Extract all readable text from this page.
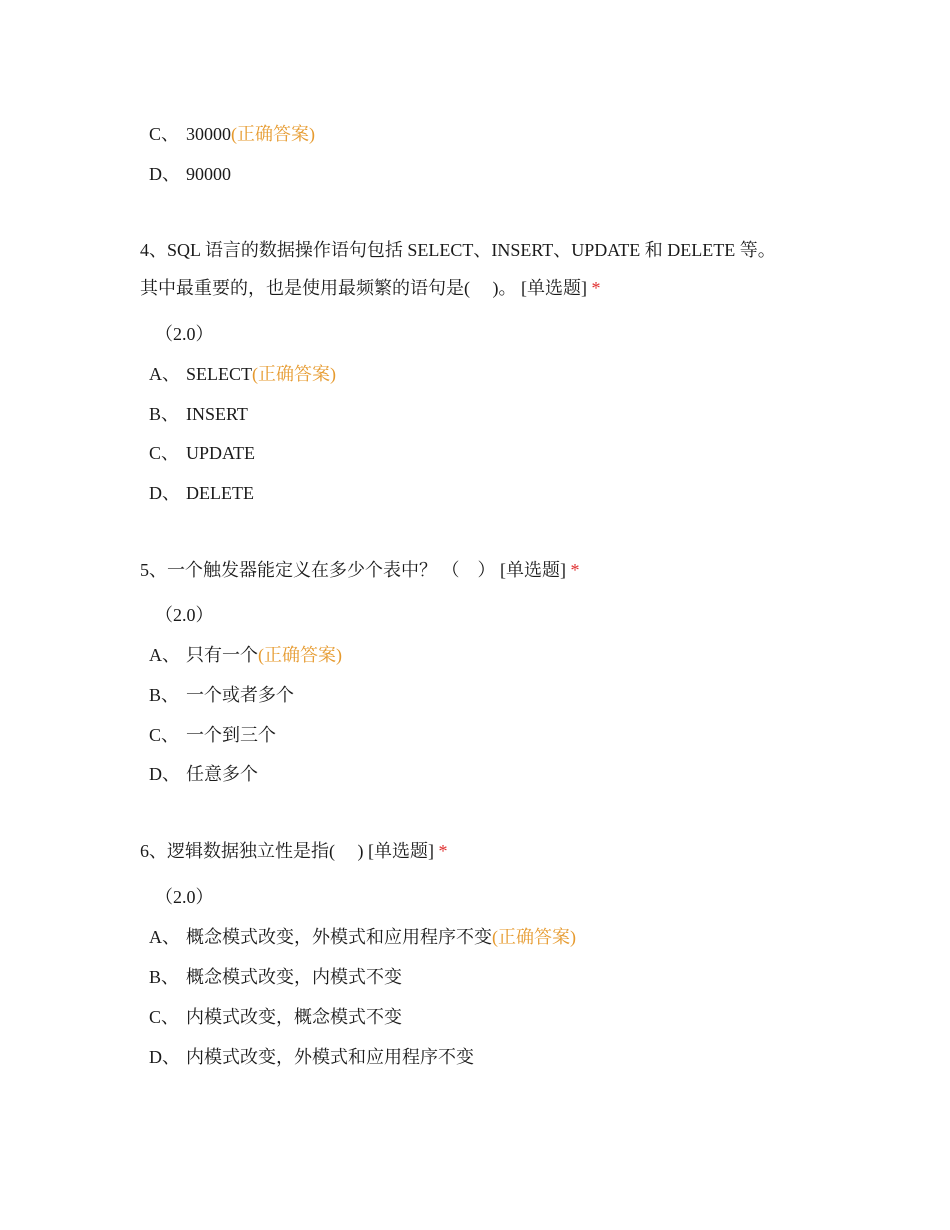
C、 30000(正确答案)
D、 90000
4、SQL 语言的数据操作语句包括 SELECT、INSERT、UPDATE 和 DELETE 等。
其中最重要的，也是使用最频繁的语句是(　 )。 [单选题] *
（2.0）
A、 SELECT(正确答案)
B、 INSERT
C、 UPDATE
D、 DELETE
5、一个触发器能定义在多少个表中？ （　） [单选题] *
（2.0）
A、 只有一个(正确答案)
B、 一个或者多个
C、 一个到三个
D、 任意多个
6、逻辑数据独立性是指(　 ) [单选题] *
（2.0）
A、 概念模式改变，外模式和应用程序不变(正确答案)
B、 概念模式改变，内模式不变
C、 内模式改变，概念模式不变
D、 内模式改变，外模式和应用程序不变
